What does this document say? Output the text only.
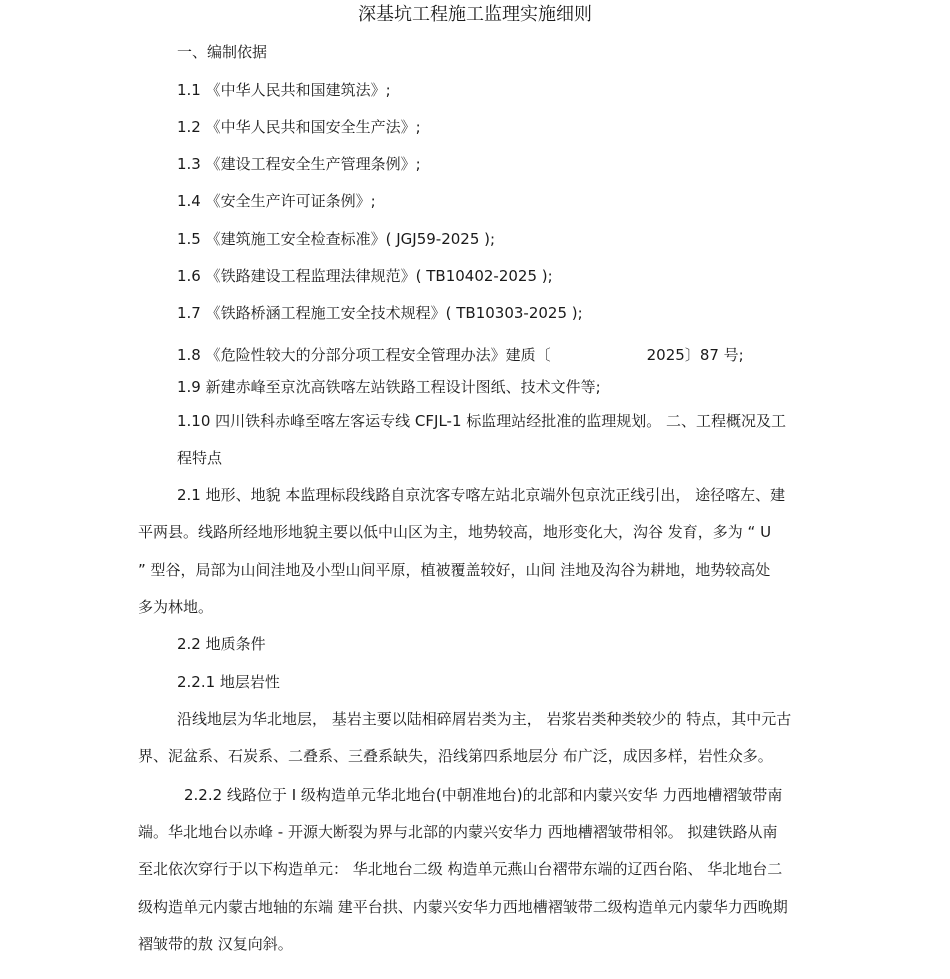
深基坑工程施工监理实施细则
一、编制依据
1.1 《中华人民共和国建筑法》;
1.2 《中华人民共和国安全生产法》;
1.3 《建设工程安全生产管理条例》;
1.4 《安全生产许可证条例》;
1.5 《建筑施工安全检查标准》( JGJ59-2025 );
1.6 《铁路建设工程监理法律规范》( TB10402-2025 );
1.7 《铁路桥涵工程施工安全技术规程》( TB10303-2025 );
1.8 《危险性较大的分部分项工程安全管理办法》建质〔	2025〕87 号;
1.9 新建赤峰至京沈高铁喀左站铁路工程设计图纸、技术文件等;
1.10 四川铁科赤峰至喀左客运专线 CFJL-1 标监理站经批准的监理规划。 二、工程概况及工
程特点
2.1 地形、地貌 本监理标段线路自京沈客专喀左站北京端外包京沈正线引出， 途径喀左、建
平两县。线路所经地形地貌主要以低中山区为主，地势较高，地形变化大，沟谷 发育，多为 “ U
” 型谷，局部为山间洼地及小型山间平原，植被覆盖较好，山间 洼地及沟谷为耕地，地势较高处
多为林地。
2.2 地质条件
2.2.1 地层岩性
沿线地层为华北地层， 基岩主要以陆相碎屑岩类为主， 岩浆岩类种类较少的 特点，其中元古
界、泥盆系、石炭系、二叠系、三叠系缺失，沿线第四系地层分 布广泛，成因多样，岩性众多。
2.2.2 线路位于 I 级构造单元华北地台(中朝准地台)的北部和内蒙兴安华 力西地槽褶皱带南
端。华北地台以赤峰 - 开源大断裂为界与北部的内蒙兴安华力 西地槽褶皱带相邻。 拟建铁路从南
至北依次穿行于以下构造单元： 华北地台二级 构造单元燕山台褶带东端的辽西台陷、 华北地台二
级构造单元内蒙古地轴的东端 建平台拱、内蒙兴安华力西地槽褶皱带二级构造单元内蒙华力西晚期
褶皱带的敖 汉复向斜。
